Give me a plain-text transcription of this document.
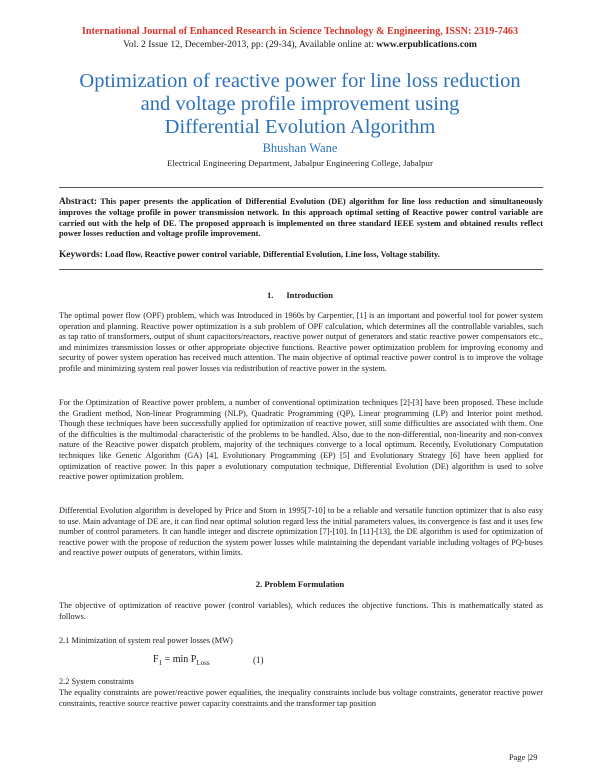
International Journal of Enhanced Research in Science Technology & Engineering, ISSN: 2319-7463
Vol. 2 Issue 12, December-2013, pp: (29-34), Available online at: www.erpublications.com
Optimization of reactive power for line loss reduction
and voltage profile improvement using
Differential Evolution Algorithm
Bhushan Wane
Electrical Engineering Department, Jabalpur Engineering College, Jabalpur
Abstract: This paper presents the application of Differential Evolution (DE) algorithm for line loss reduction and simultaneously improves the voltage profile in power transmission network. In this approach optimal setting of Reactive power control variable are carried out with the help of DE. The proposed approach is implemented on three standard IEEE system and obtained results reflect power losses reduction and voltage profile improvement.
Keywords: Load flow, Reactive power control variable, Differential Evolution, Line loss, Voltage stability.
1.      Introduction

The optimal power flow (OPF) problem, which was Introduced in 1960s by Carpentier, [1] is an important and powerful tool for power system operation and planning. Reactive power optimization is a sub problem of OPF calculation, which determines all the controllable variables, such as tap ratio of transformers, output of shunt capacitors/reactors, reactive power output of generators and static reactive power compensators etc., and minimizes transmission losses or other appropriate objective functions. Reactive power optimization problem for improving economy and security of power system operation has received much attention. The main objective of optimal reactive power control is to improve the voltage profile and minimizing system real power losses via redistribution of reactive power in the system.

For the Optimization of Reactive power problem, a number of conventional optimization techniques [2]-[3] have been proposed. These include the Gradient method, Non-linear Programming (NLP), Quadratic Programming (QP), Linear programming (LP) and Interior point method. Though these techniques have been successfully applied for optimization of reactive power, still some difficulties are associated with them. One of the difficulties is the multimodal characteristic of the problems to be handled. Also, due to the non-differential, non-linearity and non-convex nature of the Reactive power dispatch problem, majority of the techniques converge to a local optimum. Recently, Evolutionary Computation techniques like Genetic Algorithm (GA) [4], Evolutionary Programming (EP) [5] and Evolutionary Strategy [6] have been applied for optimization of reactive power. In this paper a evolutionary computation technique, Differential Evolution (DE) algorithm is used to solve reactive power optimization problem.

Differential Evolution algorithm is developed by Price and Storn in 1995[7-10] to be a reliable and versatile function optimizer that is also easy to use. Main advantage of DE are, it can find near optimal solution regard less the initial parameters values, its convergence is fast and it uses few number of control parameters. It can handle integer and discrete optimization [7]-[10]. In [11]-[13], the DE algorithm is used for optimization of reactive power with the propose of reduction the system power losses while maintaining the dependant variable including voltages of PQ-buses and reactive power outputs of generators, within limits.

2. Problem Formulation

The objective of optimization of reactive power (control variables), which reduces the objective functions. This is mathematically stated as follows.

2.1 Minimization of system real power losses (MW)
$F_1 = \min P_{Loss}$	(1)
2.2 System constraints

The equality constraints are power/reactive power equalities, the inequality constraints include bus voltage constraints, generator reactive power constraints, reactive source reactive power capacity constraints and the transformer tap position

Page |29
